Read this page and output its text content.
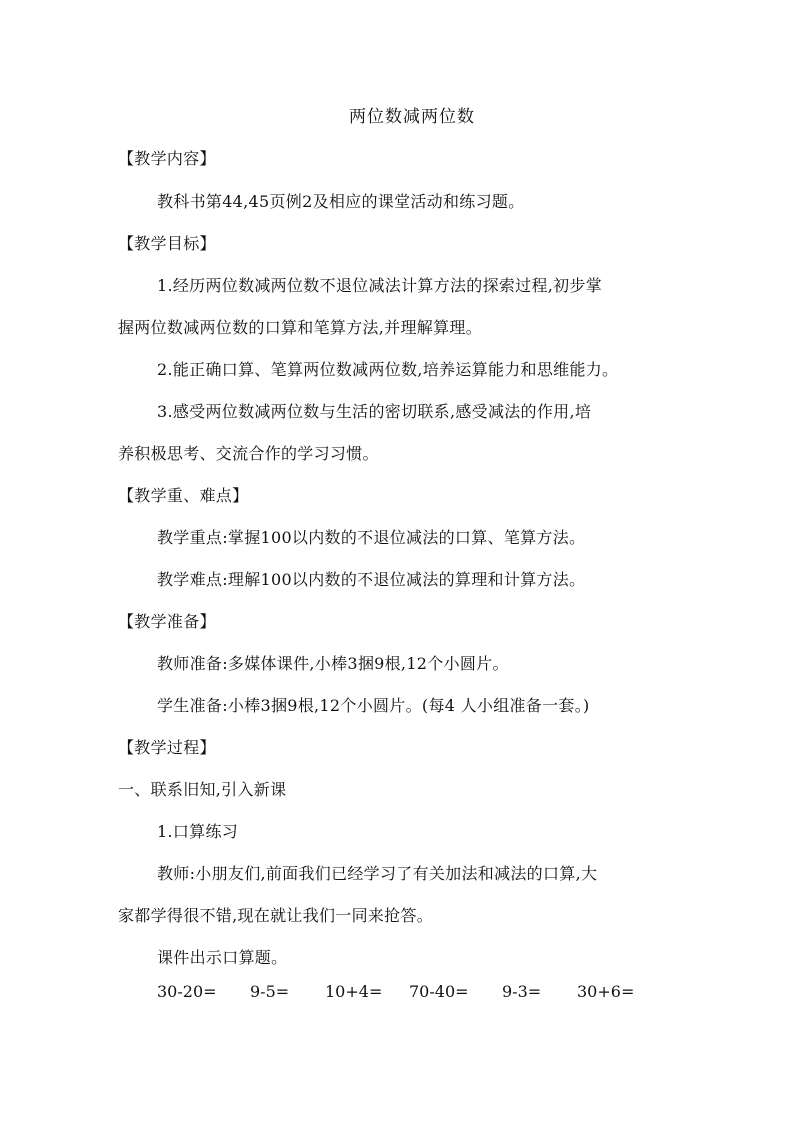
两位数减两位数

【教学内容】

教科书第44,45页例2及相应的课堂活动和练习题。

【教学目标】

1.经历两位数减两位数不退位减法计算方法的探索过程,初步掌

握两位数减两位数的口算和笔算方法,并理解算理。

2.能正确口算、笔算两位数减两位数,培养运算能力和思维能力。

3.感受两位数减两位数与生活的密切联系,感受减法的作用,培

养积极思考、交流合作的学习习惯。

【教学重、难点】

教学重点:掌握100以内数的不退位减法的口算、笔算方法。

教学难点:理解100以内数的不退位减法的算理和计算方法。

【教学准备】

教师准备:多媒体课件,小棒3捆9根,12个小圆片。

学生准备:小棒3捆9根,12个小圆片。(每4 人小组准备一套。)

【教学过程】

一、联系旧知,引入新课

1.口算练习

教师:小朋友们,前面我们已经学习了有关加法和减法的口算,大

家都学得很不错,现在就让我们一同来抢答。

课件出示口算题。

30-20= 9-5= 10+4= 70-40= 9-3= 30+6=
